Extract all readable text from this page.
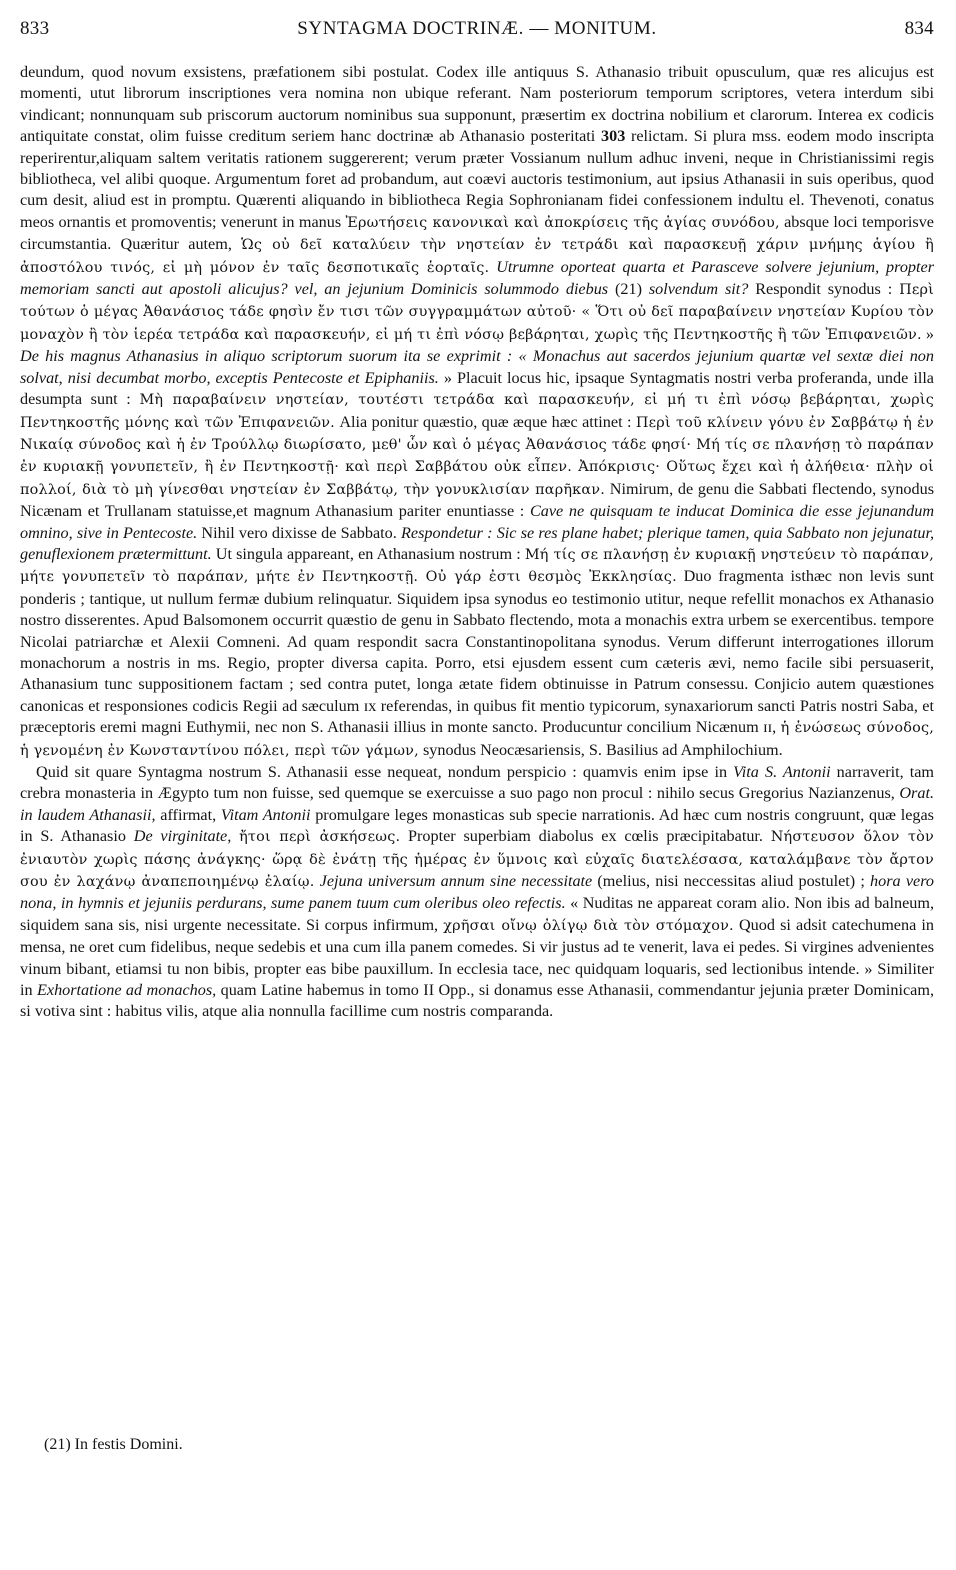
833	SYNTAGMA DOCTRINÆ. — MONITUM.	834

deundum, quod novum exsistens, præfationem sibi postulat. Codex ille antiquus S. Athanasio tribuit opusculum, quæ res alicujus est momenti, utut librorum inscriptiones vera nomina non ubique referant. Nam posteriorum temporum scriptores, vetera interdum sibi vindicant; nonnunquam sub priscorum auctorum nominibus sua supponunt, præsertim ex doctrina nobilium et clarorum. Interea ex codicis antiquitate constat, olim fuisse creditum seriem hanc doctrinæ ab Athanasio posteritati 303 relictam. Si plura mss. eodem modo inscripta reperirentur,aliquam saltem veritatis rationem suggererent; verum præter Vossianum nullum adhuc inveni, neque in Christianissimi regis bibliotheca, vel alibi quoque. Argumentum foret ad probandum, aut coævi auctoris testimonium, aut ipsius Athanasii in suis operibus, quod cum desit, aliud est in promptu. Quærenti aliquando in bibliotheca Regia Sophronianam fidei confessionem indultu el. Thevenoti, conatus meos ornantis et promoventis; venerunt in manus Ἐρωτήσεις κανονικαὶ καὶ ἀποκρίσεις τῆς ἁγίας συνόδου, absque loci temporisve circumstantia. Quæritur autem, Ὡς οὐ δεῖ καταλύειν τὴν νηστείαν ἐν τετράδι καὶ παρασκευῇ χάριν μνήμης ἁγίου ἢ ἀποστόλου τινός, εἰ μὴ μόνον ἐν ταῖς δεσποτικαῖς ἑορταῖς. Utrumne oporteat quarta et Parasceve solvere jejunium, propter memoriam sancti aut apostoli alicujus? vel, an jejunium Dominicis solummodo diebus (21) solvendum sit? Respondit synodus : Περὶ τούτων ὁ μέγας Ἀθανάσιος τάδε φησὶν ἔν τισι τῶν συγγραμμάτων αὐτοῦ· « Ὅτι οὐ δεῖ παραβαίνειν νηστείαν Κυρίου τὸν μοναχὸν ἢ τὸν ἱερέα τετράδα καὶ παρασκευήν, εἰ μή τι ἐπὶ νόσῳ βεβάρηται, χωρὶς τῆς Πεντηκοστῆς ἢ τῶν Ἐπιφανειῶν. » De his magnus Athanasius in aliquo scriptorum suorum ita se exprimit : « Monachus aut sacerdos jejunium quartæ vel sextæ diei non solvat, nisi decumbat morbo, exceptis Pentecoste et Epiphaniis. » Placuit locus hic, ipsaque Syntagmatis nostri verba proferanda, unde illa desumpta sunt : Μὴ παραβαίνειν νηστείαν, τουτέστι τετράδα καὶ παρασκευήν, εἰ μή τι ἐπὶ νόσῳ βεβάρηται, χωρὶς Πεντηκοστῆς μόνης καὶ τῶν Ἐπιφανειῶν. Alia ponitur quæstio, quæ æque hæc attinet : Περὶ τοῦ κλίνειν γόνυ ἐν Σαββάτῳ ἡ ἐν Νικαίᾳ σύνοδος καὶ ἡ ἐν Τρούλλῳ διωρίσατο, μεθ' ὧν καὶ ὁ μέγας Ἀθανάσιος τάδε φησί· Μή τίς σε πλανήσῃ τὸ παράπαν ἐν κυριακῇ γονυπετεῖν, ἢ ἐν Πεντηκοστῇ· καὶ περὶ Σαββάτου οὐκ εἶπεν. Ἀπόκρισις· Οὕτως ἔχει καὶ ἡ ἀλήθεια· πλὴν οἱ πολλοί, διὰ τὸ μὴ γίνεσθαι νηστείαν ἐν Σαββάτῳ, τὴν γονυκλισίαν παρῆκαν. Nimirum, de genu die Sabbati flectendo, synodus Nicænam et Trullanam statuisse,et magnum Athanasium pariter enuntiasse : Cave ne quisquam te inducat Dominica die esse jejunandum omnino, sive in Pentecoste. Nihil vero dixisse de Sabbato. Respondetur : Sic se res plane habet; plerique tamen, quia Sabbato non jejunatur, genuflexionem prætermittunt. Ut singula appareant, en Athanasium nostrum : Μή τίς σε πλανήσῃ ἐν κυριακῇ νηστεύειν τὸ παράπαν, μήτε γονυπετεῖν τὸ παράπαν, μήτε ἐν Πεντηκοστῇ. Οὐ γάρ ἐστι θεσμὸς Ἐκκλησίας. Duo fragmenta isthæc non levis sunt ponderis ; tantique, ut nullum fermæ dubium relinquatur. Siquidem ipsa synodus eo testimonio utitur, neque refellit monachos ex Athanasio nostro disserentes. Apud Balsomonem occurrit quæstio de genu in Sabbato flectendo, mota a monachis extra urbem se exercentibus. tempore Nicolai patriarchæ et Alexii Comneni. Ad quam respondit sacra Constantinopolitana synodus. Verum differunt interrogationes illorum monachorum a nostris in ms. Regio, propter diversa capita. Porro, etsi ejusdem essent cum cæteris ævi, nemo facile sibi persuaserit, Athanasium tunc suppositionem factam ; sed contra putet, longa ætate fidem obtinuisse in Patrum consessu. Conjicio autem quæstiones canonicas et responsiones codicis Regii ad sæculum ɪx referendas, in quibus fit mentio typicorum, synaxariorum sancti Patris nostri Saba, et præceptoris eremi magni Euthymii, nec non S. Athanasii illius in monte sancto. Producuntur concilium Nicænum ɪɪ, ἡ ἑνώσεως σύνοδος, ἡ γενομένη ἐν Κωνσταντίνου πόλει, περὶ τῶν γάμων, synodus Neocæsariensis, S. Basilius ad Amphilochium.

Quid sit quare Syntagma nostrum S. Athanasii esse nequeat, nondum perspicio : quamvis enim ipse in Vita S. Antonii narraverit, tam crebra monasteria in Ægypto tum non fuisse, sed quemque se exercuisse a suo pago non procul : nihilo secus Gregorius Nazianzenus, Orat. in laudem Athanasii, affirmat, Vitam Antonii promulgare leges monasticas sub specie narrationis. Ad hæc cum nostris congruunt, quæ legas in S. Athanasio De virginitate, ἤτοι περὶ ἀσκήσεως. Propter superbiam diabolus ex cœlis præcipitabatur. Νήστευσον ὅλον τὸν ἐνιαυτὸν χωρὶς πάσης ἀνάγκης· ὥρᾳ δὲ ἐνάτῃ τῆς ἡμέρας ἐν ὕμνοις καὶ εὐχαῖς διατελέσασα, καταλάμβανε τὸν ἄρτον σου ἐν λαχάνῳ ἀναπεποιημένῳ ἐλαίῳ. Jejuna universum annum sine necessitate (melius, nisi neccessitas aliud postulet) ; hora vero nona, in hymnis et jejuniis perdurans, sume panem tuum cum oleribus oleo refectis. « Nuditas ne appareat coram alio. Non ibis ad balneum, siquidem sana sis, nisi urgente necessitate. Si corpus infirmum, χρῆσαι οἴνῳ ὀλίγῳ διὰ τὸν στόμαχον. Quod si adsit catechumena in mensa, ne oret cum fidelibus, neque sedebis et una cum illa panem comedes. Si vir justus ad te venerit, lava ei pedes. Si virgines advenientes vinum bibant, etiamsi tu non bibis, propter eas bibe pauxillum. In ecclesia tace, nec quidquam loquaris, sed lectionibus intende. » Similiter in Exhortatione ad monachos, quam Latine habemus in tomo II Opp., si donamus esse Athanasii, commendantur jejunia præter Dominicam, si votiva sint : habitus vilis, atque alia nonnulla facillime cum nostris comparanda.

(21) In festis Domini.
